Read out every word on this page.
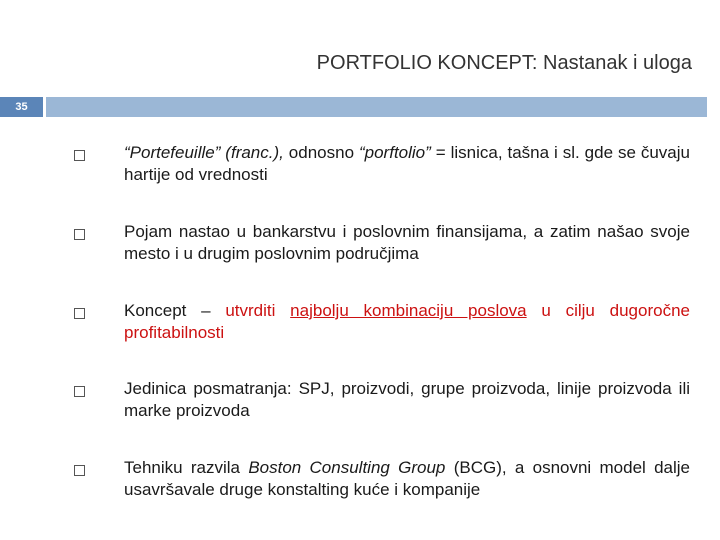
PORTFOLIO KONCEPT: Nastanak i uloga
35
“Portefeuille” (franc.), odnosno “porftolio” = lisnica, tašna i sl. gde se čuvaju hartije od vrednosti
Pojam nastao u bankarstvu i poslovnim finansijama, a zatim našao svoje mesto i u drugim poslovnim područjima
Koncept – utvrditi najbolju kombinaciju poslova u cilju dugoročne profitabilnosti
Jedinica posmatranja: SPJ, proizvodi, grupe proizvoda, linije proizvoda ili marke proizvoda
Tehniku razvila Boston Consulting Group (BCG), a osnovni model dalje usavršavale druge konstalting kuće i kompanije
